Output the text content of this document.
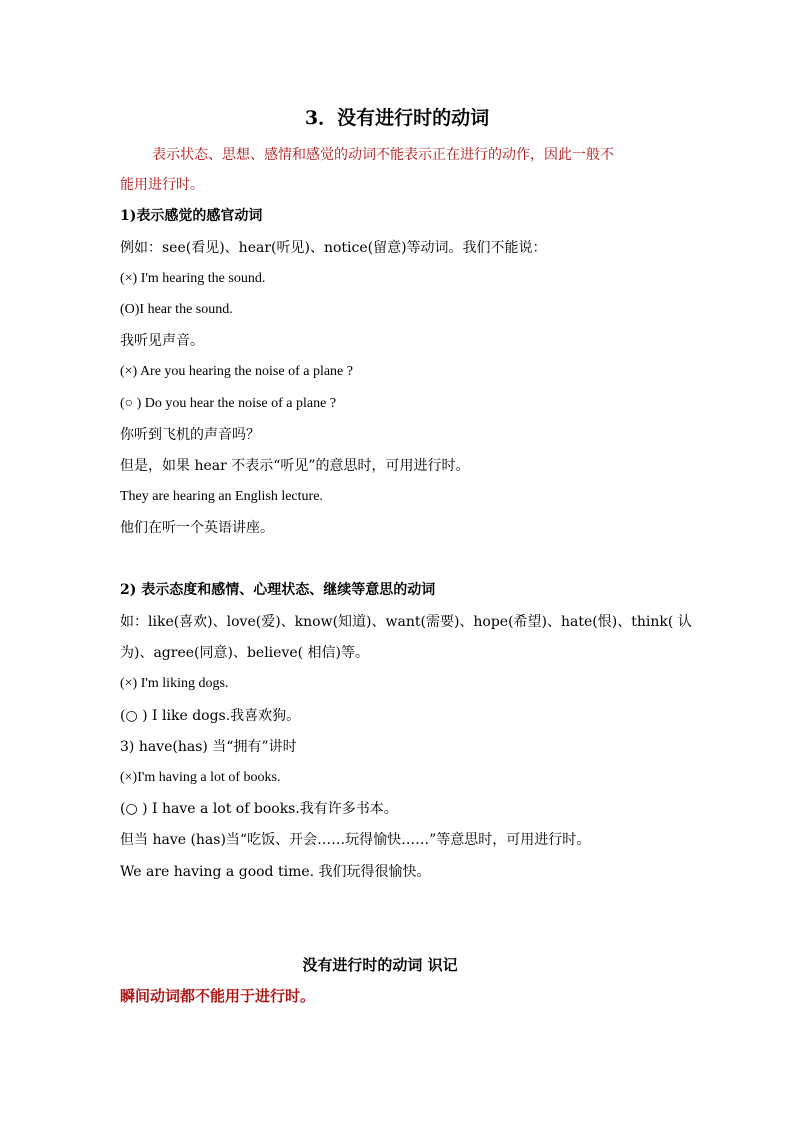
3．没有进行时的动词
表示状态、思想、感情和感觉的动词不能表示正在进行的动作，因此一般不
能用进行时。
1)表示感觉的感官动词
例如：see(看见)、hear(听见)、notice(留意)等动词。我们不能说：
(×) I'm hearing the sound.
(O)I hear the sound.
我听见声音。
(×) Are you hearing the noise of a plane ?
(○ ) Do you hear the noise of a plane ?
你听到飞机的声音吗？
但是，如果 hear 不表示“听见”的意思时，可用进行时。
They are hearing an English lecture.
他们在听一个英语讲座。
2) 表示态度和感情、心理状态、继续等意思的动词
如：like(喜欢)、love(爱)、know(知道)、want(需要)、hope(希望)、hate(恨)、think( 认
为)、agree(同意)、believe( 相信)等。
(×) I'm liking dogs.
(○ ) I like dogs.我喜欢狗。
3) have(has) 当“拥有”讲时
(×)I'm having a lot of books.
(○ ) I have a lot of books.我有许多书本。
但当 have (has)当“吃饭、开会……玩得愉快……”等意思时，可用进行时。
We are having a good time. 我们玩得很愉快。
没有进行时的动词 识记
瞬间动词都不能用于进行时。
